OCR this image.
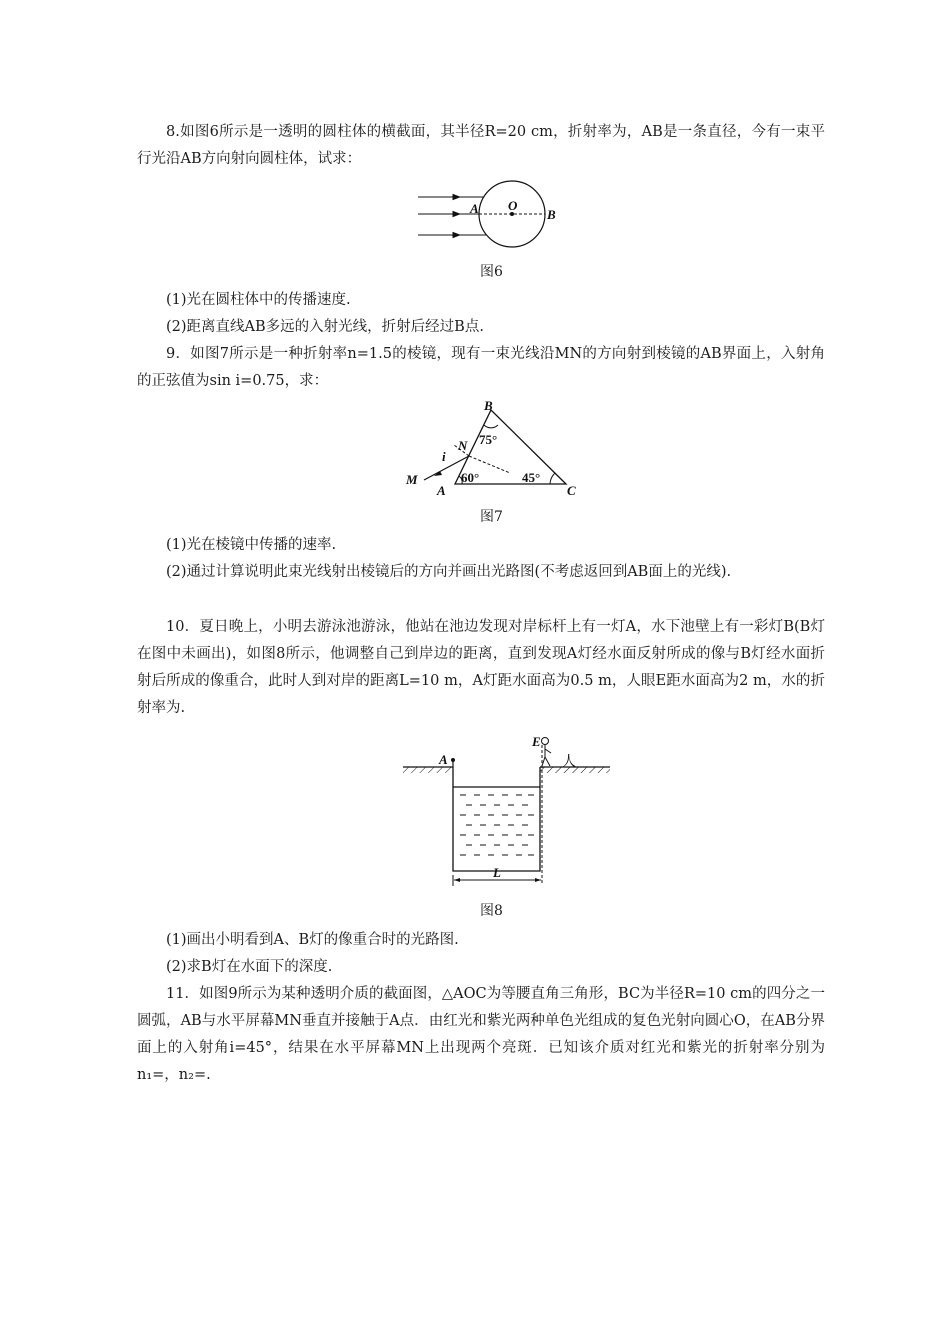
8.如图6所示是一透明的圆柱体的横截面，其半径R=20 cm，折射率为，AB是一条直径，今有一束平行光沿AB方向射向圆柱体，试求：

A O
B
图6

(1)光在圆柱体中的传播速度.

(2)距离直线AB多远的入射光线，折射后经过B点.

9．如图7所示是一种折射率n=1.5的棱镜，现有一束光线沿MN的方向射到棱镜的AB界面上，入射角的正弦值为sin i=0.75，求：

B
N
i
M
A	C
75°
60°	45°
图7

(1)光在棱镜中传播的速率.

(2)通过计算说明此束光线射出棱镜后的方向并画出光路图(不考虑返回到AB面上的光线).

10．夏日晚上，小明去游泳池游泳，他站在池边发现对岸标杆上有一灯A，水下池壁上有一彩灯B(B灯在图中未画出)，如图8所示，他调整自己到岸边的距离，直到发现A灯经水面反射所成的像与B灯经水面折射后所成的像重合，此时人到对岸的距离L=10 m，A灯距水面高为0.5 m，人眼E距水面高为2 m，水的折射率为.

A
E
人
L
图8

(1)画出小明看到A、B灯的像重合时的光路图.

(2)求B灯在水面下的深度.

11．如图9所示为某种透明介质的截面图，△AOC为等腰直角三角形，BC为半径R=10 cm的四分之一圆弧，AB与水平屏幕MN垂直并接触于A点．由红光和紫光两种单色光组成的复色光射向圆心O，在AB分界面上的入射角i=45°，结果在水平屏幕MN上出现两个亮斑．已知该介质对红光和紫光的折射率分别为n₁=，n₂=.
